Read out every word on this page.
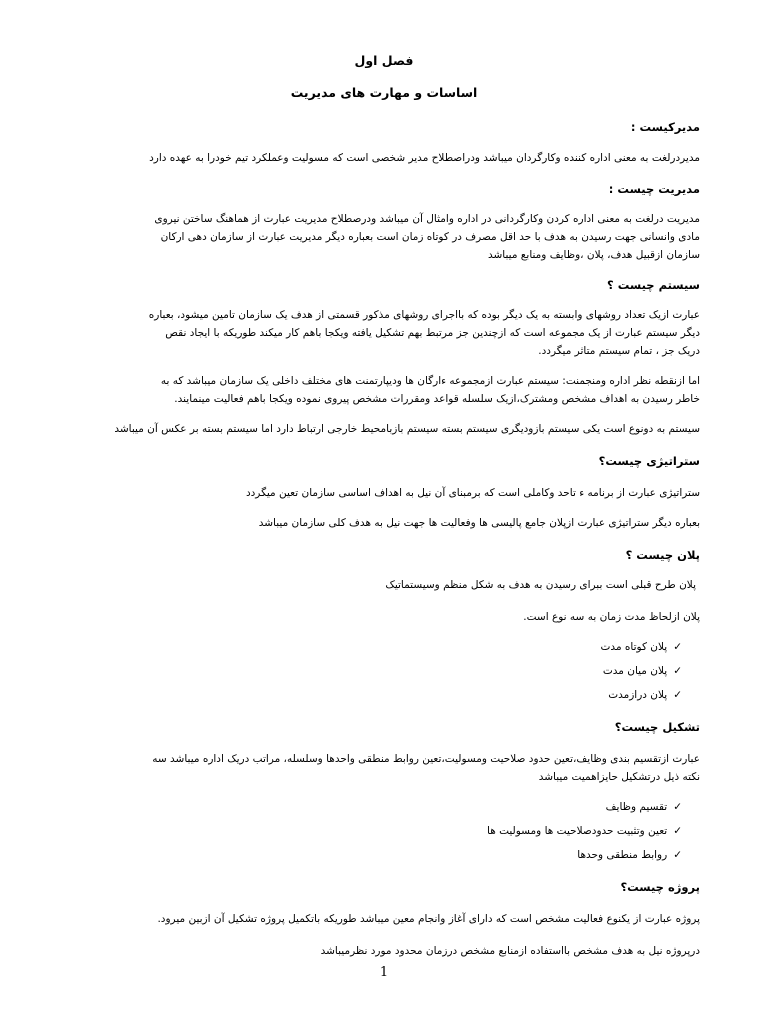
فصل اول
اساسات و مهارت های مدیریت
مدیرکیست :
مدیردرلغت به معنی اداره کننده وکارگردان میباشد ودراصطلاح مدیر شخصی است که مسولیت وعملکرد تیم خودرا به عهده دارد
مدیریت چیست :
مدیریت درلغت به معنی اداره کردن وکارگردانی در اداره وامثال آن میباشد ودرصطلاح مدیریت عبارت از هماهنگ ساختن نیروی
مادی وانسانی جهت رسیدن به هدف با حد اقل مصرف در کوتاه زمان است بعباره دیگر مدیریت عبارت از سازمان دهی ارکان
سازمان ازقبیل هدف، پلان ،وظایف ومنابع میباشد
سیستم چیست ؟
عبارت ازیک تعداد روشهای وابسته به یک دیگر بوده که بااجرای روشهای مذکور قسمتی از هدف یک سازمان تامین میشود، بعباره
دیگر سیستم عبارت از یک مجموعه است که ازچندین جز مرتبط بهم تشکیل یافته ویکجا باهم کار میکند طوریکه با ایجاد نقص
دریک جز ، تمام سیستم متاثر میگردد.
اما ازنقطه نظر اداره ومنجمنت: سیستم عبارت ازمجموعه ءارگان ها ودیپارتمنت های مختلف داخلی یک سازمان میباشد که به
خاطر رسیدن به اهداف مشخص ومشترک،ازیک سلسله قواعد ومقررات مشخص پیروی نموده ویکجا باهم فعالیت مینمایند.
سیستم به دونوع است یکی سیستم بازودیگری سیستم بسته سیستم بازبامحیط خارجی ارتباط دارد اما سیستم بسته بر عکس آن میباشد
ستراتیژی چیست؟
ستراتیژی عبارت از برنامه ء تاحد وکاملی است که برمبنای آن نیل به اهداف اساسی سازمان تعین میگردد
بعباره دیگر ستراتیژی عبارت ازپلان جامع پالیسی ها وفعالیت ها جهت نیل به هدف کلی سازمان میباشد
پلان چیست ؟
پلان طرح قبلی است ببرای رسیدن به هدف به شکل منظم وسیستماتیک
پلان ازلحاظ مدت زمان به سه نوع است.
✓پلان کوتاه مدت
✓پلان میان مدت
✓پلان درازمدت
تشکیل چیست؟
عبارت ازتقسیم بندی وظایف،تعین حدود صلاحیت ومسولیت،تعین روابط منطقی واحدها وسلسله، مراتب دریک اداره میباشد سه
نکته ذیل درتشکیل حایزاهمیت میباشد
✓تقسیم وظایف
✓تعین وتثبیت حدودصلاحیت ها ومسولیت ها
✓روابط منطقی وحدها
پروژه چیست؟
پروژه عبارت از یکنوع فعالیت مشخص است که دارای آغاز وانجام معین میباشد طوریکه باتکمیل پروژه تشکیل آن ازبین میرود.
درپروژه نیل به هدف مشخص بااستفاده ازمنابع مشخص درزمان محدود مورد نظرمیباشد
1
